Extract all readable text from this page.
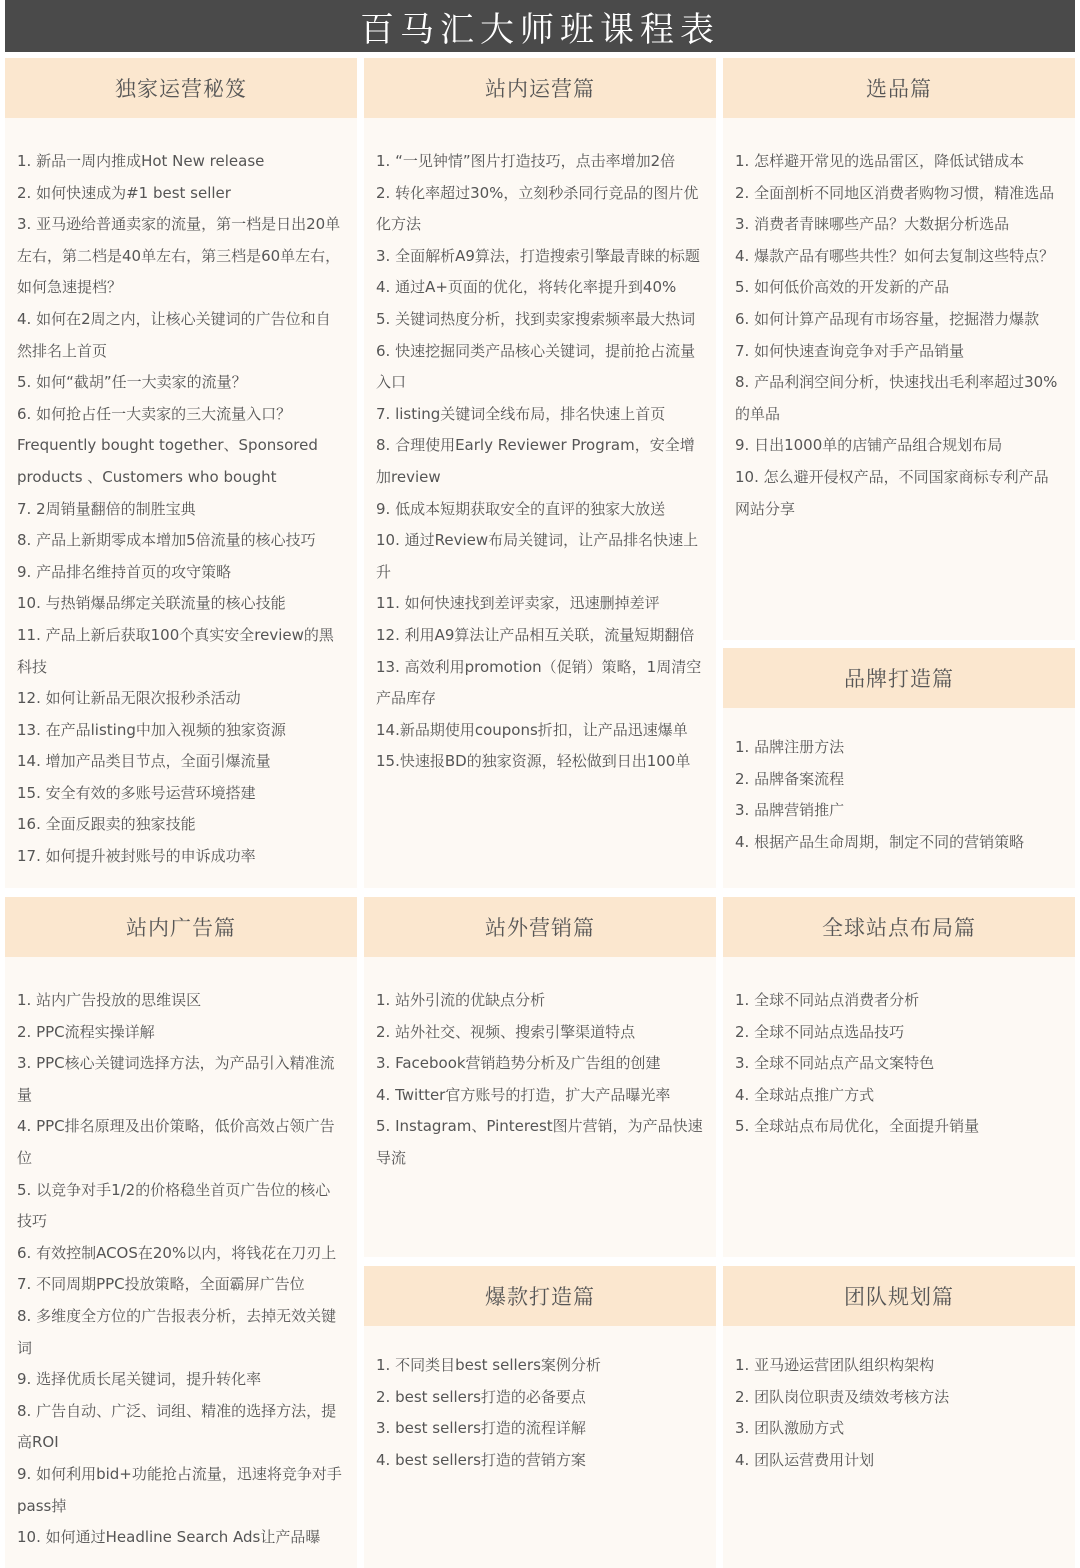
百马汇大师班课程表
独家运营秘笈
1. 新品一周内推成Hot New release
2. 如何快速成为#1 best seller
3. 亚马逊给普通卖家的流量，第一档是日出20单左右，第二档是40单左右，第三档是60单左右，如何急速提档？
4. 如何在2周之内，让核心关键词的广告位和自然排名上首页
5. 如何“截胡”任一大卖家的流量？
6. 如何抢占任一大卖家的三大流量入口？Frequently bought together、Sponsored products 、Customers who bought
7. 2周销量翻倍的制胜宝典
8. 产品上新期零成本增加5倍流量的核心技巧
9. 产品排名维持首页的攻守策略
10. 与热销爆品绑定关联流量的核心技能
11. 产品上新后获取100个真实安全review的黑科技
12. 如何让新品无限次报秒杀活动
13. 在产品listing中加入视频的独家资源
14. 增加产品类目节点，全面引爆流量
15. 安全有效的多账号运营环境搭建
16. 全面反跟卖的独家技能
17. 如何提升被封账号的申诉成功率
站内运营篇
1. “一见钟情”图片打造技巧，点击率增加2倍
2. 转化率超过30%，立刻秒杀同行竞品的图片优化方法
3. 全面解析A9算法，打造搜索引擎最青睐的标题
4. 通过A+页面的优化，将转化率提升到40%
5. 关键词热度分析，找到卖家搜索频率最大热词
6. 快速挖掘同类产品核心关键词，提前抢占流量入口
7. listing关键词全线布局，排名快速上首页
8. 合理使用Early Reviewer Program，安全增加review
9. 低成本短期获取安全的直评的独家大放送
10. 通过Review布局关键词，让产品排名快速上升
11. 如何快速找到差评卖家，迅速删掉差评
12. 利用A9算法让产品相互关联，流量短期翻倍
13. 高效利用promotion（促销）策略，1周清空产品库存
14.新品期使用coupons折扣，让产品迅速爆单
15.快速报BD的独家资源，轻松做到日出100单
选品篇
1. 怎样避开常见的选品雷区，降低试错成本
2. 全面剖析不同地区消费者购物习惯，精准选品
3. 消费者青睐哪些产品？大数据分析选品
4. 爆款产品有哪些共性？如何去复制这些特点？
5. 如何低价高效的开发新的产品
6. 如何计算产品现有市场容量，挖掘潜力爆款
7. 如何快速查询竞争对手产品销量
8. 产品利润空间分析，快速找出毛利率超过30%的单品
9. 日出1000单的店铺产品组合规划布局
10. 怎么避开侵权产品，不同国家商标专利产品网站分享
品牌打造篇
1. 品牌注册方法
2. 品牌备案流程
3. 品牌营销推广
4. 根据产品生命周期，制定不同的营销策略
站内广告篇
1. 站内广告投放的思维误区
2. PPC流程实操详解
3. PPC核心关键词选择方法，为产品引入精准流量
4. PPC排名原理及出价策略，低价高效占领广告位
5. 以竞争对手1/2的价格稳坐首页广告位的核心技巧
6. 有效控制ACOS在20%以内，将钱花在刀刃上
7. 不同周期PPC投放策略，全面霸屏广告位
8. 多维度全方位的广告报表分析，去掉无效关键词
9. 选择优质长尾关键词，提升转化率
8. 广告自动、广泛、词组、精准的选择方法，提高ROI
9. 如何利用bid+功能抢占流量，迅速将竞争对手pass掉
10. 如何通过Headline Search Ads让产品曝
站外营销篇
1. 站外引流的优缺点分析
2. 站外社交、视频、搜索引擎渠道特点
3. Facebook营销趋势分析及广告组的创建
4. Twitter官方账号的打造，扩大产品曝光率
5. Instagram、Pinterest图片营销，为产品快速导流
全球站点布局篇
1. 全球不同站点消费者分析
2. 全球不同站点选品技巧
3. 全球不同站点产品文案特色
4. 全球站点推广方式
5. 全球站点布局优化，全面提升销量
爆款打造篇
1. 不同类目best sellers案例分析
2. best sellers打造的必备要点
3. best sellers打造的流程详解
4. best sellers打造的营销方案
团队规划篇
1. 亚马逊运营团队组织构架构
2. 团队岗位职责及绩效考核方法
3. 团队激励方式
4. 团队运营费用计划
